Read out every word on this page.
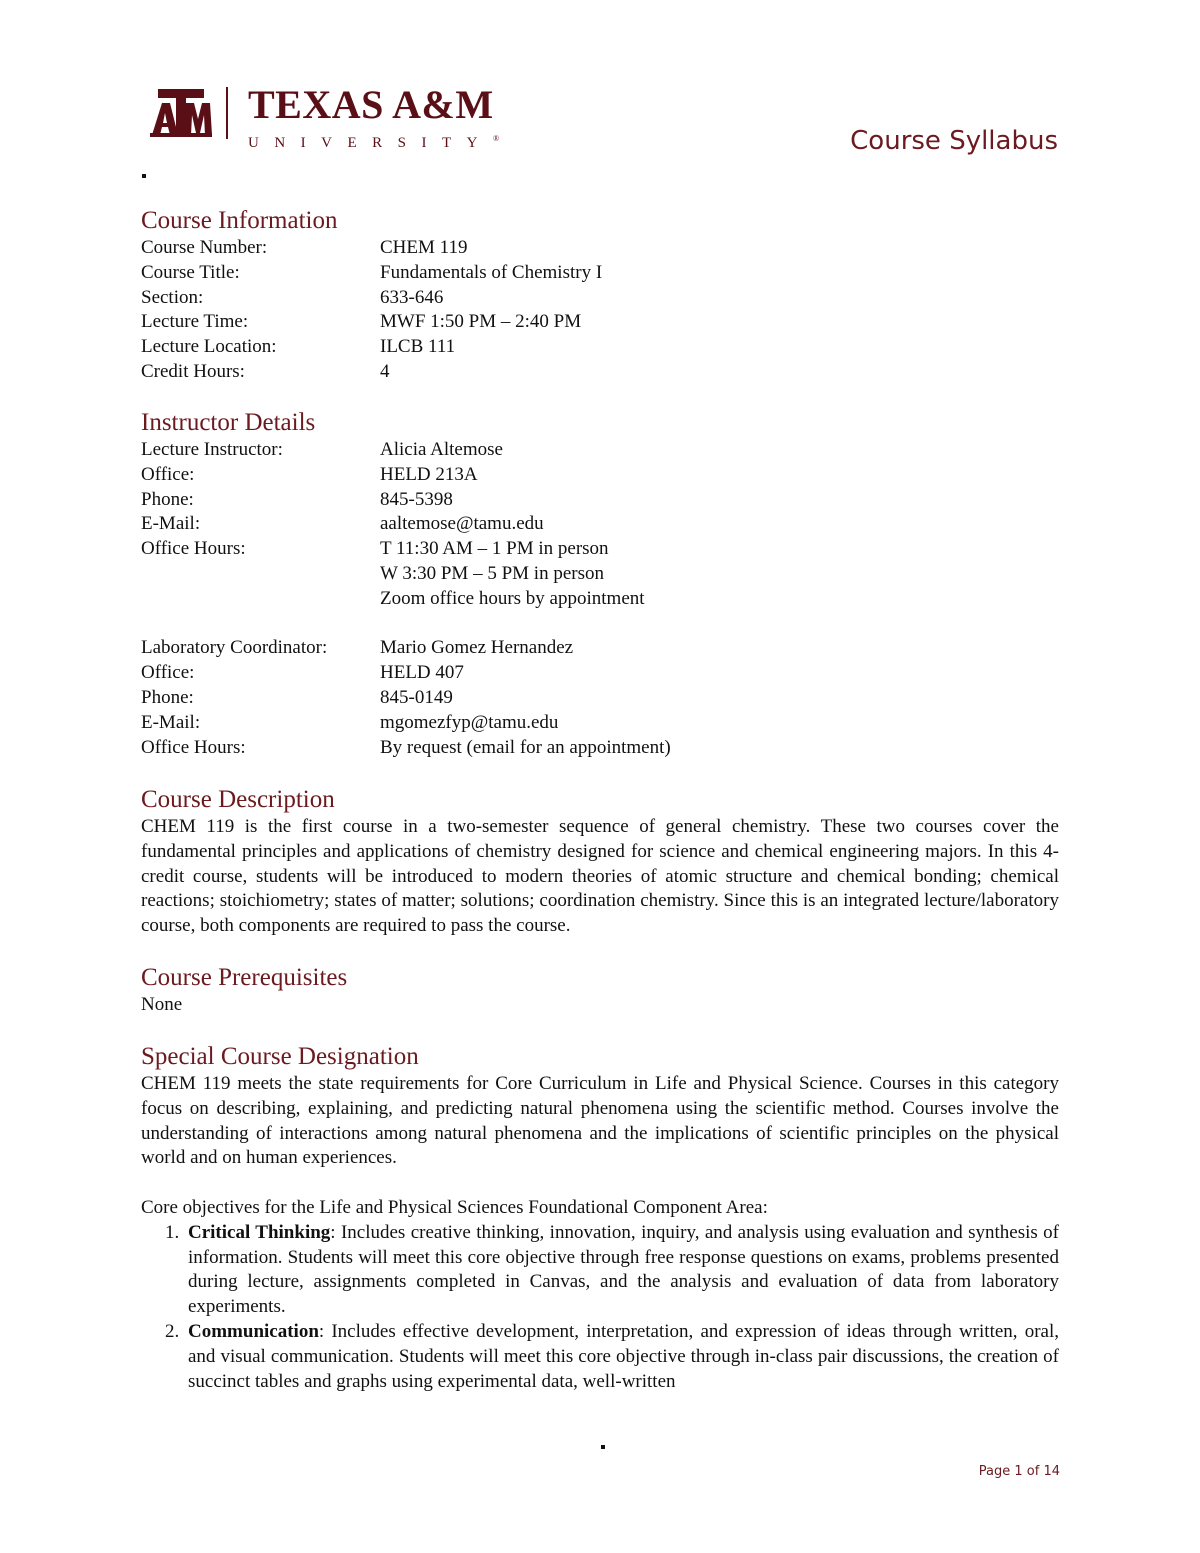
TEXAS A&M
UNIVERSITY®	Course Syllabus
Course Information
Course Number:	CHEM 119
Course Title:	Fundamentals of Chemistry I
Section:	633-646
Lecture Time:	MWF 1:50 PM – 2:40 PM
Lecture Location:	ILCB 111
Credit Hours:	4
Instructor Details
Lecture Instructor:	Alicia Altemose
Office:	HELD 213A
Phone:	845-5398
E-Mail:	aaltemose@tamu.edu
Office Hours:	T 11:30 AM – 1 PM in person
W 3:30 PM – 5 PM in person
Zoom office hours by appointment
Laboratory Coordinator:	Mario Gomez Hernandez
Office:	HELD 407
Phone:	845-0149
E-Mail:	mgomezfyp@tamu.edu
Office Hours:	By request (email for an appointment)
Course Description

CHEM 119 is the first course in a two-semester sequence of general chemistry. These two courses cover the fundamental principles and applications of chemistry designed for science and chemical engineering majors. In this 4-credit course, students will be introduced to modern theories of atomic structure and chemical bonding; chemical reactions; stoichiometry; states of matter; solutions; coordination chemistry. Since this is an integrated lecture/laboratory course, both components are required to pass the course.

Course Prerequisites

None

Special Course Designation

CHEM 119 meets the state requirements for Core Curriculum in Life and Physical Science. Courses in this category focus on describing, explaining, and predicting natural phenomena using the scientific method. Courses involve the understanding of interactions among natural phenomena and the implications of scientific principles on the physical world and on human experiences.

Core objectives for the Life and Physical Sciences Foundational Component Area:

1. Critical Thinking: Includes creative thinking, innovation, inquiry, and analysis using evaluation and synthesis of information. Students will meet this core objective through free response questions on exams, problems presented during lecture, assignments completed in Canvas, and the analysis and evaluation of data from laboratory experiments.
2. Communication: Includes effective development, interpretation, and expression of ideas through written, oral, and visual communication. Students will meet this core objective through in-class pair discussions, the creation of succinct tables and graphs using experimental data, well-written
Page 1 of 14
